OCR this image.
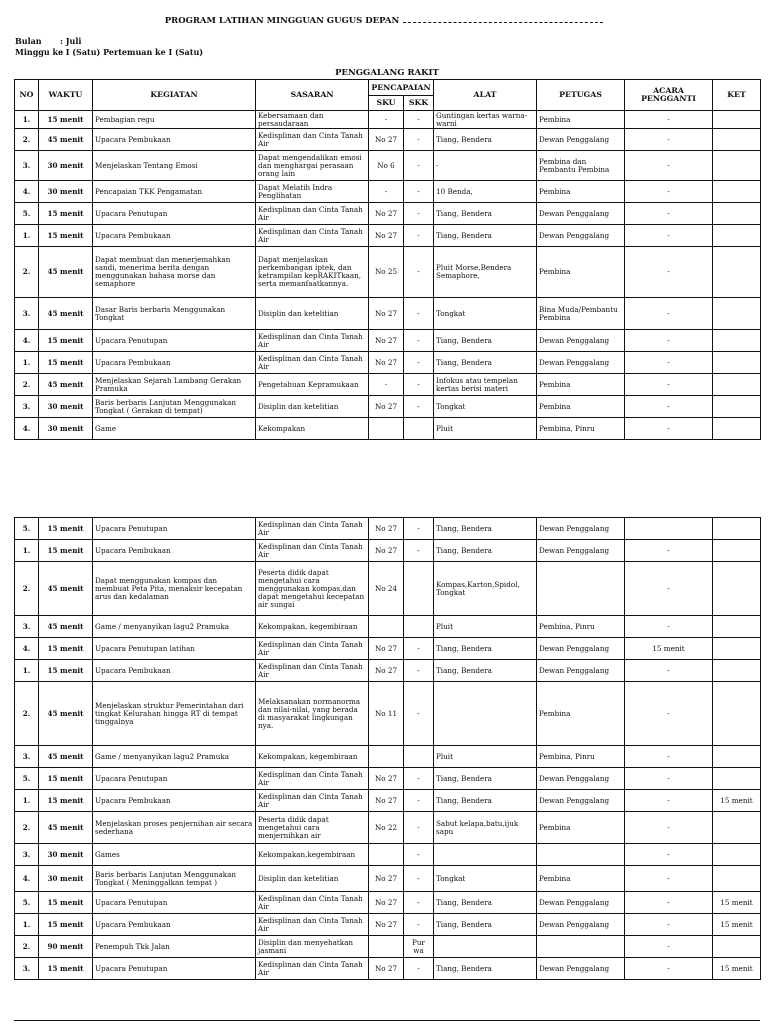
PROGRAM LATIHAN MINGGUAN GUGUS DEPAN
Bulan : Juli
Minggu ke: I (Satu) Pertemuan ke I (Satu)
PENGGALANG RAKIT
NO	WAKTU	KEGIATAN	SASARAN	PENCAPAIAN		ALAT	PETUGAS	ACARA PENGGANTI	KET
				SKU	SKK				
1.	15 menit	Pembagian regu	Kebersamaan dan persaudaraan	-	-	Guntingan kertas warna-warni	Pembina	-	
2.	45 menit	Upacara Pembukaan	Kedisplinan dan Cinta Tanah Air	No 27	-	Tiang, Bendera	Dewan Penggalang	-	
3.	30 menit	Menjelaskan Tentang Emosi	Dapat mengendalikan emosi dan menghargai perasaan orang lain	No 6	-	-	Pembina dan Pembantu Pembina	-	
4.	30 menit	Pencapaian TKK Pengamatan	Dapat Melatih Indra Penglihatan	-	-	10 Benda,	Pembina	-	
5.	15 menit	Upacara Penutupan	Kedisplinan dan Cinta Tanah Air	No 27	-	Tiang, Bendera	Dewan Penggalang	-	
1.	15 menit	Upacara Pembukaan	Kedisplinan dan Cinta Tanah Air	No 27	-	Tiang, Bendera	Dewan Penggalang	-	
2.	45 menit	Dapat membuat dan menerjemahkan sandi, menerima berita dengan menggunakan bahasa morse dan semaphore	Dapat menjelaskan perkembangan iptek, dan ketrampilan kepRAKITkaan, serta memanfaatkannya.	No 25	-	Pluit Morse,Bendera Semaphore,	Pembina	-	
3.	45 menit	Dasar Baris berbaris Menggunakan Tongkat	Disiplin dan ketelitian	No 27	-	Tongkat	Bina Muda/Pembantu Pembina	-	
4.	15 menit	Upacara Penutupan	Kedisplinan dan Cinta Tanah Air	No 27	-	Tiang, Bendera	Dewan Penggalang	-	
1.	15 menit	Upacara Pembukaan	Kedisplinan dan Cinta Tanah Air	No 27	-	Tiang, Bendera	Dewan Penggalang	-	
2.	45 menit	Menjelaskan Sejarah Lambang Gerakan Pramuka	Pengetahuan Kepramukaan	-	-	Infokus atau tempelan kertas berisi materi	Pembina	-	
3.	30 menit	Baris berbaris Lanjutan Menggunakan Tongkat ( Gerakan di tempat)	Disiplin dan ketelitian	No 27	-	Tongkat	Pembina	-	
4.	30 menit	Game	Kekompakan			Pluit	Pembina, Pinru	-	
5.	15 menit	Upacara Penutupan	Kedisplinan dan Cinta Tanah Air	No 27	-	Tiang, Bendera	Dewan Penggalang		
1.	15 menit	Upacara Pembukaan	Kedisplinan dan Cinta Tanah Air	No 27	-	Tiang, Bendera	Dewan Penggalang	-	
2.	45 menit	Dapat menggunakan kompas dan membuat Peta Pita, menaksir kecepatan arus dan kedalaman	Peserta didik dapat mengetahui cara menggunakan kompas,dan dapat mengetahui kecepatan air sungai	No 24		Kompas,Karton,Spidol, Tongkat		-	
3.	45 menit	Game / menyanyikan lagu2 Pramuka	Kekompakan, kegembiraan			Pluit	Pembina, Pinru	-	
4.	15 menit	Upacara Penutupan latihan	Kedisplinan dan Cinta Tanah Air	No 27	-	Tiang, Bendera	Dewan Penggalang	15 menit	
1.	15 menit	Upacara Pembukaan	Kedisplinan dan Cinta Tanah Air	No 27	-	Tiang, Bendera	Dewan Penggalang	-	
2.	45 menit	Menjelaskan struktur Pemerintahan dari tingkat Kelurahan hingga RT di tempat tinggalnya	Melaksanakan normanorma dan nilai-nilai, yang berada di masyarakat lingkungan nya.	No 11	-		Pembina	-	
3.	45 menit	Game / menyanyikan lagu2 Pramuka	Kekompakan, kegembiraan			Pluit	Pembina, Pinru	-	
5.	15 menit	Upacara Penutupan	Kedisplinan dan Cinta Tanah Air	No 27	-	Tiang, Bendera	Dewan Penggalang	-	
1.	15 menit	Upacara Pembukaan	Kedisplinan dan Cinta Tanah Air	No 27	-	Tiang, Bendera	Dewan Penggalang	-	15 menit
2.	45 menit	Menjelaskan proses penjernihan air secara sederhana	Peserta didik dapat mengetahui cara menjernihkan air	No 22	-	Sabut kelapa,batu,ijuk sapu	Pembina	-	
3.	30 menit	Games	Kekompakan,kegembiraan		-			-	
4.	30 menit	Baris berbaris Lanjutan Menggunakan Tongkat ( Meninggalkan tempat )	Disiplin dan ketelitian	No 27	-	Tongkat	Pembina	-	
5.	15 menit	Upacara Penutupan	Kedisplinan dan Cinta Tanah Air	No 27	-	Tiang, Bendera	Dewan Penggalang	-	15 menit
1.	15 menit	Upacara Pembukaan	Kedisplinan dan Cinta Tanah Air	No 27	-	Tiang, Bendera	Dewan Penggalang	-	15 menit
2.	90 menit	Penempuh Tkk Jalan	Disiplin dan menyehatkan jasmani		Pur wa			-	
3.	15 menit	Upacara Penutupan	Kedisplinan dan Cinta Tanah Air	No 27	-	Tiang, Bendera	Dewan Penggalang	-	15 menit
